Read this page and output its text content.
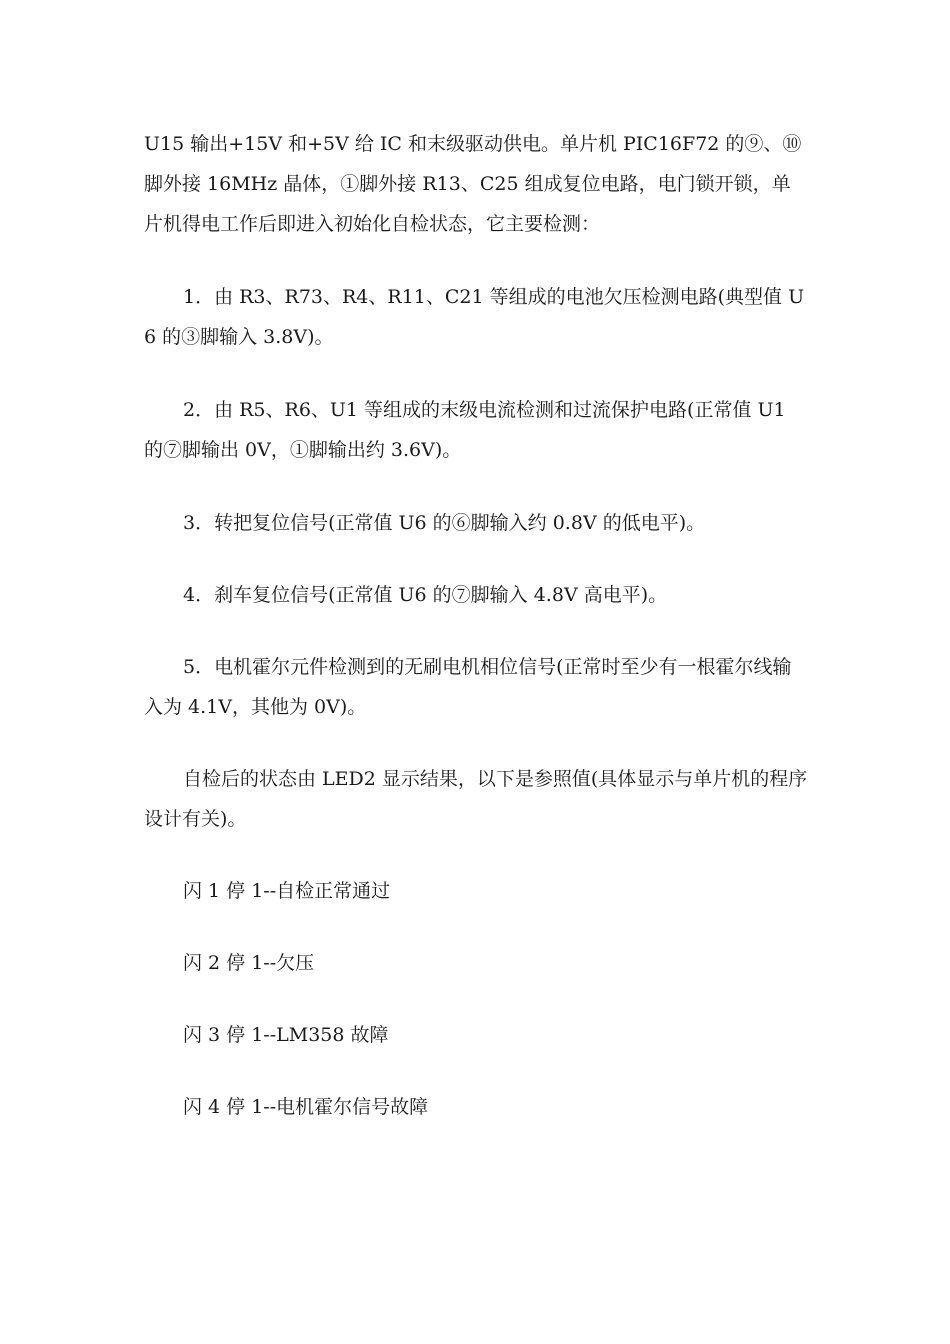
U15 输出+15V 和+5V 给 IC 和末级驱动供电。单片机 PIC16F72 的⑨、⑩脚外接 16MHz 晶体，①脚外接 R13、C25 组成复位电路，电门锁开锁，单片机得电工作后即进入初始化自检状态，它主要检测：

1．由 R3、R73、R4、R11、C21 等组成的电池欠压检测电路(典型值 U6 的③脚输入 3.8V)。

2．由 R5、R6、U1 等组成的末级电流检测和过流保护电路(正常值 U1 的⑦脚输出 0V，①脚输出约 3.6V)。

3．转把复位信号(正常值 U6 的⑥脚输入约 0.8V 的低电平)。

4．刹车复位信号(正常值 U6 的⑦脚输入 4.8V 高电平)。

5．电机霍尔元件检测到的无刷电机相位信号(正常时至少有一根霍尔线输入为 4.1V，其他为 0V)。

自检后的状态由 LED2 显示结果，以下是参照值(具体显示与单片机的程序设计有关)。

闪 1 停 1--自检正常通过

闪 2 停 1--欠压

闪 3 停 1--LM358 故障

闪 4 停 1--电机霍尔信号故障
